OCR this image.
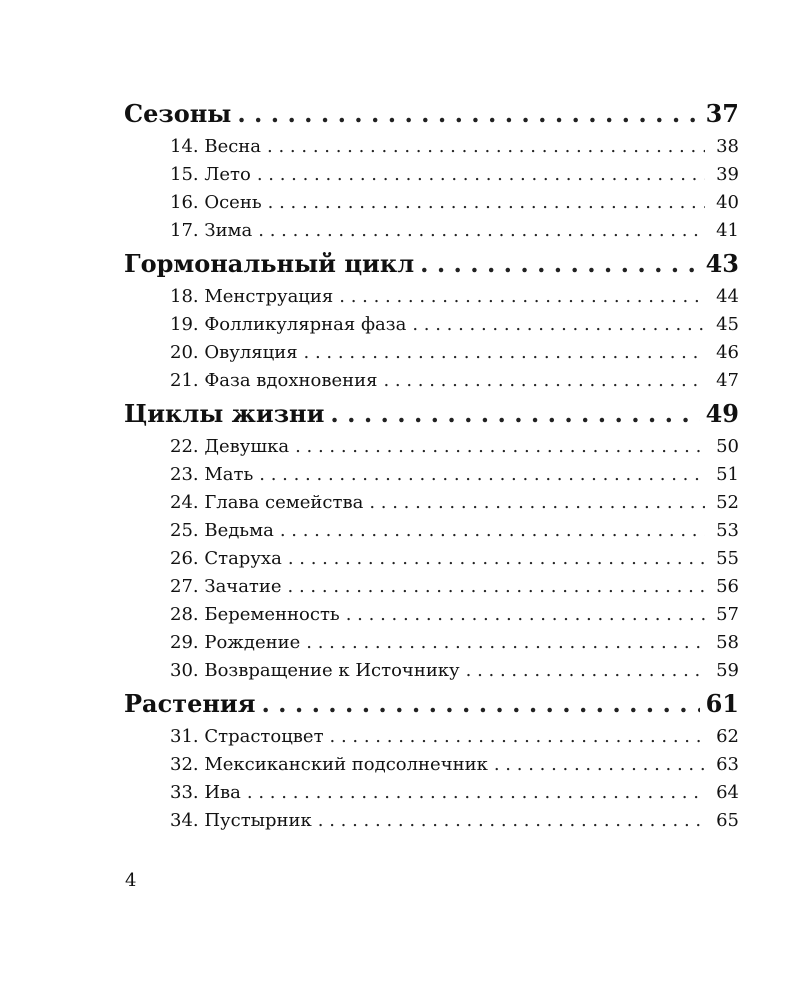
Сезоны . . .	37
14. Весна . . .	38
15. Лето . . .	39
16. Осень . . .	40
17. Зима . . .	41
Гормональный цикл . . .	43
18. Менструация . . .	44
19. Фолликулярная фаза . . .	45
20. Овуляция . . .	46
21. Фаза вдохновения . . .	47
Циклы жизни . . .	49
22. Девушка . . .	50
23. Мать . . .	51
24. Глава семейства . . .	52
25. Ведьма . . .	53
26. Старуха . . .	55
27. Зачатие . . .	56
28. Беременность . . .	57
29. Рождение . . .	58
30. Возвращение к Источнику . . .	59
Растения . . .	61
31. Страстоцвет . . .	62
32. Мексиканский подсолнечник . . .	63
33. Ива . . .	64
34. Пустырник . . .	65
4
